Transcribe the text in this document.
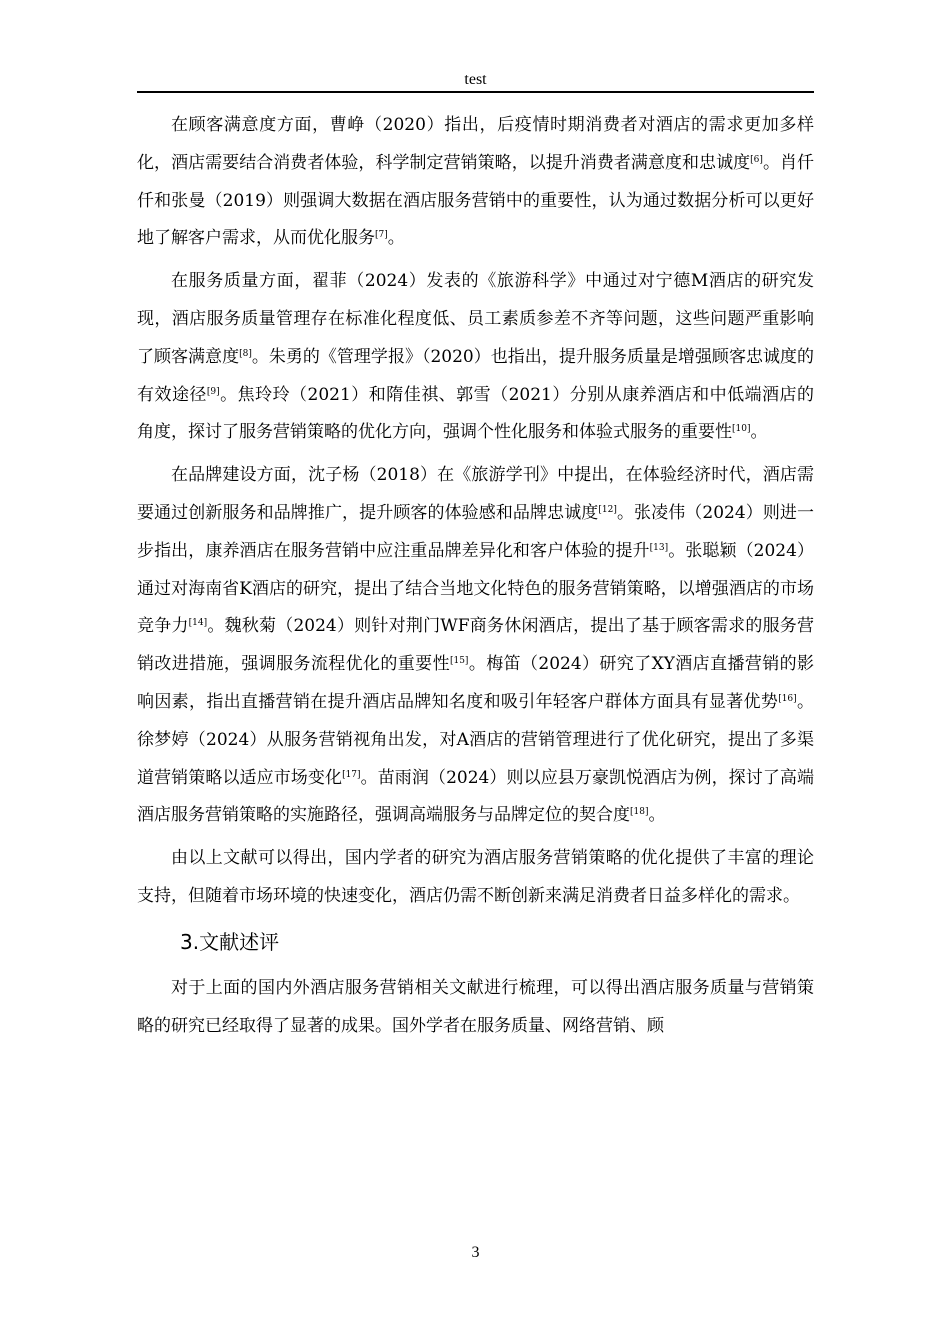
test

在顾客满意度方面，曹峥（2020）指出，后疫情时期消费者对酒店的需求更加多样化，酒店需要结合消费者体验，科学制定营销策略，以提升消费者满意度和忠诚度[6]。肖仟仟和张曼（2019）则强调大数据在酒店服务营销中的重要性，认为通过数据分析可以更好地了解客户需求，从而优化服务[7]。

在服务质量方面，翟菲（2024）发表的《旅游科学》中通过对宁德M酒店的研究发现，酒店服务质量管理存在标准化程度低、员工素质参差不齐等问题，这些问题严重影响了顾客满意度[8]。朱勇的《管理学报》（2020）也指出，提升服务质量是增强顾客忠诚度的有效途径[9]。焦玲玲（2021）和隋佳祺、郭雪（2021）分别从康养酒店和中低端酒店的角度，探讨了服务营销策略的优化方向，强调个性化服务和体验式服务的重要性[10]。

在品牌建设方面，沈子杨（2018）在《旅游学刊》中提出，在体验经济时代，酒店需要通过创新服务和品牌推广，提升顾客的体验感和品牌忠诚度[12]。张凌伟（2024）则进一步指出，康养酒店在服务营销中应注重品牌差异化和客户体验的提升[13]。张聪颖（2024）通过对海南省K酒店的研究，提出了结合当地文化特色的服务营销策略，以增强酒店的市场竞争力[14]。魏秋菊（2024）则针对荆门WF商务休闲酒店，提出了基于顾客需求的服务营销改进措施，强调服务流程优化的重要性[15]。梅笛（2024）研究了XY酒店直播营销的影响因素，指出直播营销在提升酒店品牌知名度和吸引年轻客户群体方面具有显著优势[16]。徐梦婷（2024）从服务营销视角出发，对A酒店的营销管理进行了优化研究，提出了多渠道营销策略以适应市场变化[17]。苗雨润（2024）则以应县万豪凯悦酒店为例，探讨了高端酒店服务营销策略的实施路径，强调高端服务与品牌定位的契合度[18]。

由以上文献可以得出，国内学者的研究为酒店服务营销策略的优化提供了丰富的理论支持，但随着市场环境的快速变化，酒店仍需不断创新来满足消费者日益多样化的需求。

3.文献述评

对于上面的国内外酒店服务营销相关文献进行梳理，可以得出酒店服务质量与营销策略的研究已经取得了显著的成果。国外学者在服务质量、网络营销、顾

3
